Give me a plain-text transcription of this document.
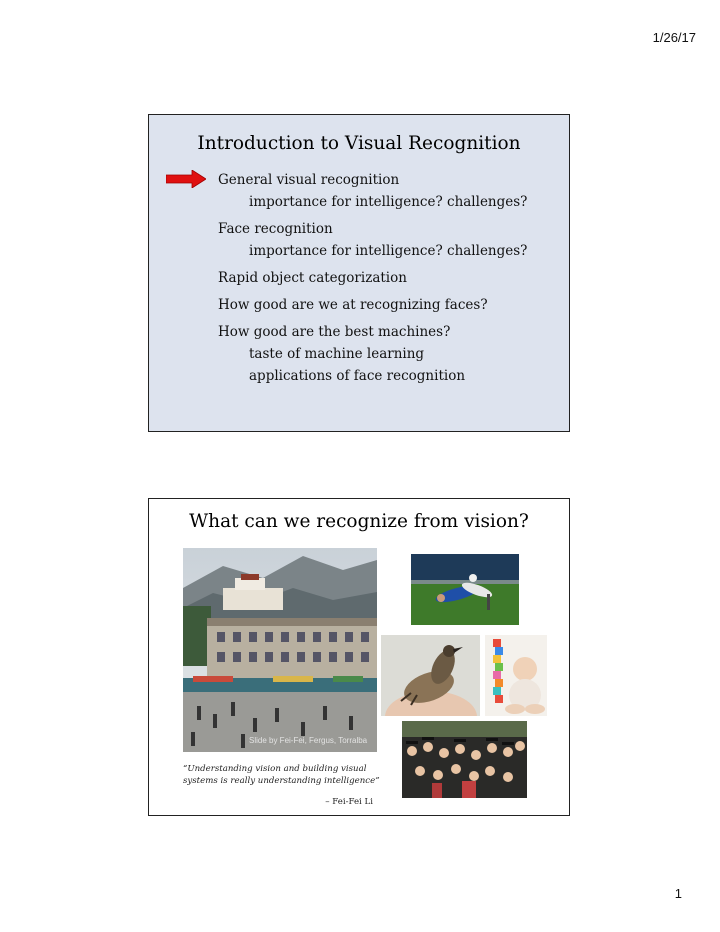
1/26/17
Introduction to Visual Recognition

General visual recognition

importance for intelligence? challenges?

Face recognition

importance for intelligence? challenges?

Rapid object categorization

How good are we at recognizing faces?

How good are the best machines?

taste of machine learning

applications of face recognition

What can we recognize from vision?
Slide by Fei-Fei, Fergus, Torralba
“Understanding vision and building visual systems is really understanding intelligence”
– Fei-Fei Li
1
